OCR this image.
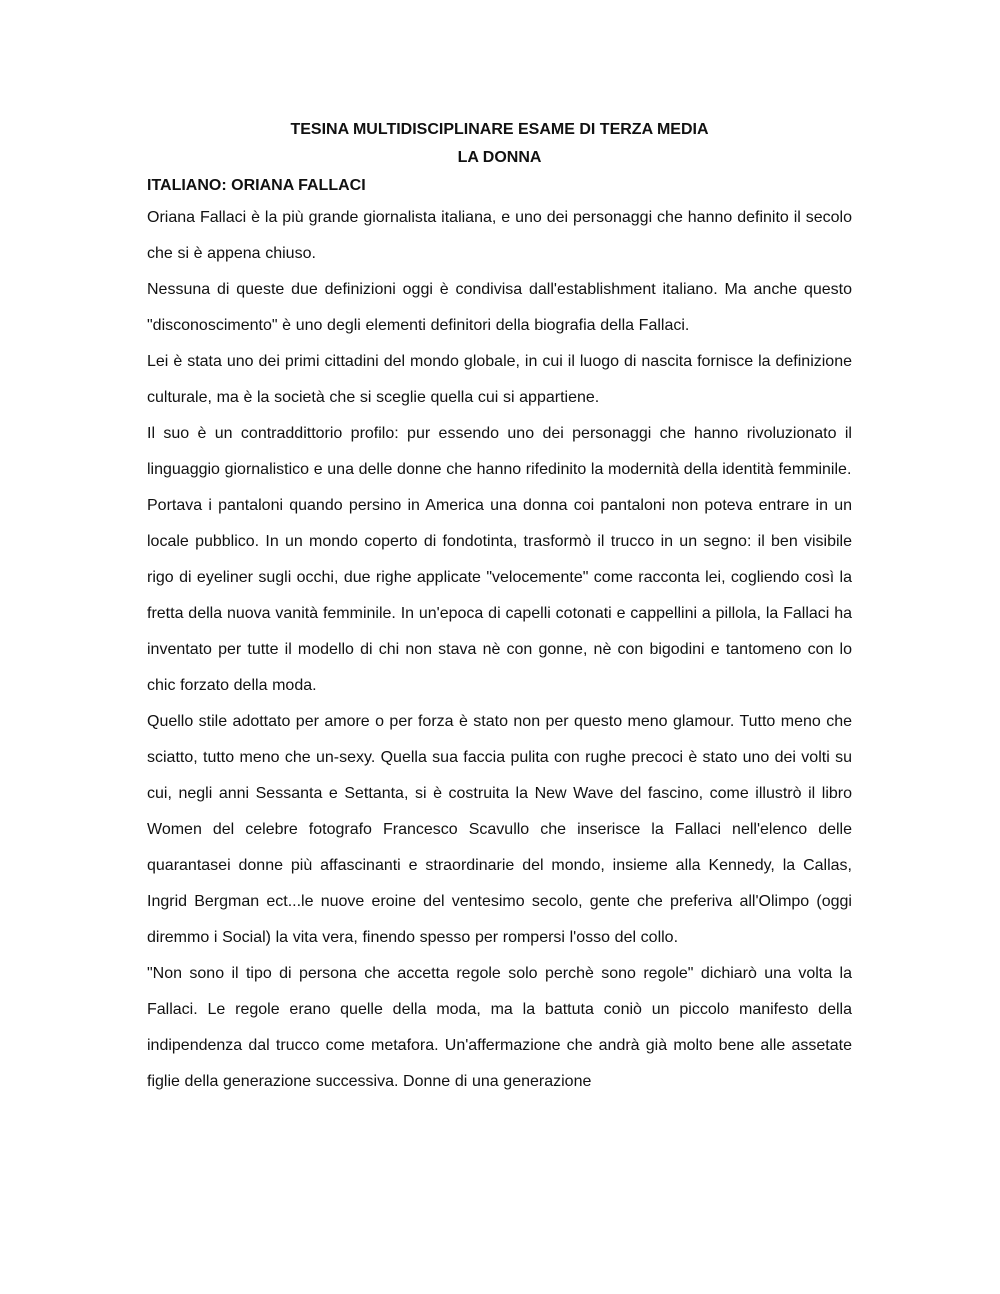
TESINA MULTIDISCIPLINARE ESAME DI TERZA MEDIA

LA DONNA

ITALIANO: ORIANA FALLACI

Oriana Fallaci è la più grande giornalista italiana, e uno dei personaggi che hanno definito il secolo che si è appena chiuso.

Nessuna di queste due definizioni oggi è condivisa dall'establishment italiano. Ma anche questo "disconoscimento" è uno degli elementi definitori della biografia della Fallaci.

Lei è stata uno dei primi cittadini del mondo globale, in cui il luogo di nascita fornisce la definizione culturale, ma è la società che si sceglie quella cui si appartiene.

Il suo è un contraddittorio profilo: pur essendo uno dei personaggi che hanno rivoluzionato il linguaggio giornalistico e una delle donne che hanno rifedinito la modernità della identità femminile.

Portava i pantaloni quando persino in America una donna coi pantaloni non poteva entrare in un locale pubblico. In un mondo coperto di fondotinta, trasformò il trucco in un segno: il ben visibile rigo di eyeliner sugli occhi, due righe applicate "velocemente" come racconta lei, cogliendo così la fretta della nuova vanità femminile. In un'epoca di capelli cotonati e cappellini a pillola, la Fallaci ha inventato per tutte il modello di chi non stava nè con gonne, nè con bigodini e tantomeno con lo chic forzato della moda.

Quello stile adottato per amore o per forza è stato non per questo meno glamour. Tutto meno che sciatto, tutto meno che un-sexy. Quella sua faccia pulita con rughe precoci è stato uno dei volti su cui, negli anni Sessanta e Settanta, si è costruita la New Wave del fascino, come illustrò il libro Women del celebre fotografo Francesco Scavullo che inserisce la Fallaci nell'elenco delle quarantasei donne più affascinanti e straordinarie del mondo, insieme alla Kennedy, la Callas, Ingrid Bergman ect...le nuove eroine del ventesimo secolo, gente che preferiva all'Olimpo (oggi diremmo i Social) la vita vera, finendo spesso per rompersi l'osso del collo.

"Non sono il tipo di persona che accetta regole solo perchè sono regole" dichiarò una volta la Fallaci. Le regole erano quelle della moda, ma la battuta coniò un piccolo manifesto della indipendenza dal trucco come metafora. Un'affermazione che andrà già molto bene alle assetate figlie della generazione successiva. Donne di una generazione
